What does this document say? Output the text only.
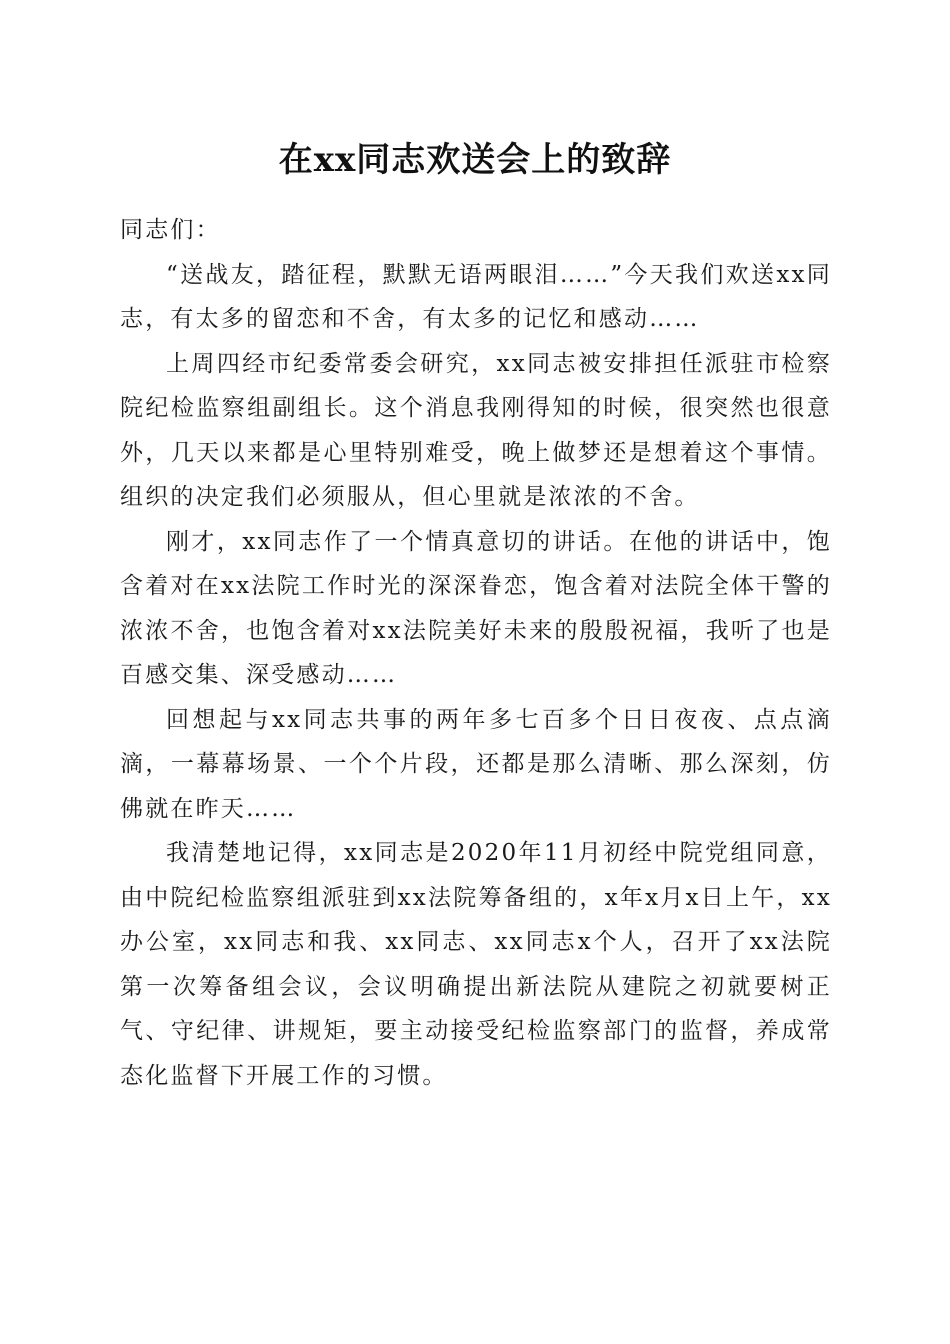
在xx同志欢送会上的致辞

同志们：

“送战友，踏征程，默默无语两眼泪……”今天我们欢送xx同志，有太多的留恋和不舍，有太多的记忆和感动……

上周四经市纪委常委会研究，xx同志被安排担任派驻市检察院纪检监察组副组长。这个消息我刚得知的时候，很突然也很意外，几天以来都是心里特别难受，晚上做梦还是想着这个事情。组织的决定我们必须服从，但心里就是浓浓的不舍。

刚才，xx同志作了一个情真意切的讲话。在他的讲话中，饱含着对在xx法院工作时光的深深眷恋，饱含着对法院全体干警的浓浓不舍，也饱含着对xx法院美好未来的殷殷祝福，我听了也是百感交集、深受感动……

回想起与xx同志共事的两年多七百多个日日夜夜、点点滴滴，一幕幕场景、一个个片段，还都是那么清晰、那么深刻，仿佛就在昨天……

我清楚地记得，xx同志是2020年11月初经中院党组同意，由中院纪检监察组派驻到xx法院筹备组的，x年x月x日上午，xx办公室，xx同志和我、xx同志、xx同志x个人，召开了xx法院第一次筹备组会议，会议明确提出新法院从建院之初就要树正气、守纪律、讲规矩，要主动接受纪检监察部门的监督，养成常态化监督下开展工作的习惯。
